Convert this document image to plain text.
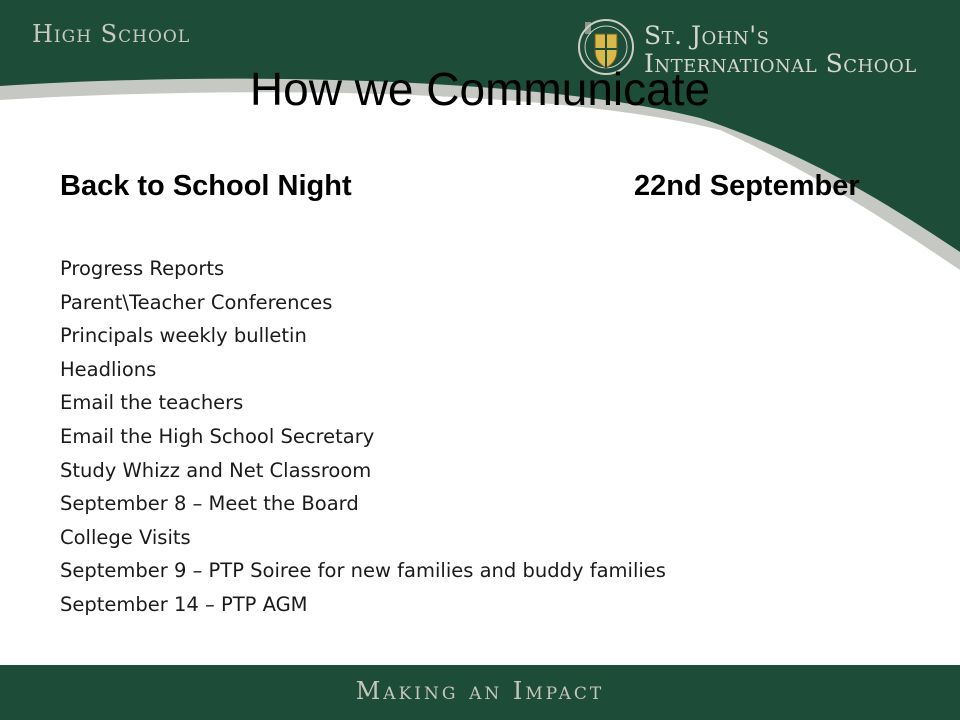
High School	St. John's
International School
How we Communicate
Back to School Night	22nd September
Progress Reports
Parent\Teacher Conferences
Principals weekly bulletin
Headlions
Email the teachers
Email the High School Secretary
Study Whizz and Net Classroom
September 8 – Meet the Board
College Visits
September 9 – PTP Soiree for new families and buddy families
September 14 – PTP AGM
Making an Impact
